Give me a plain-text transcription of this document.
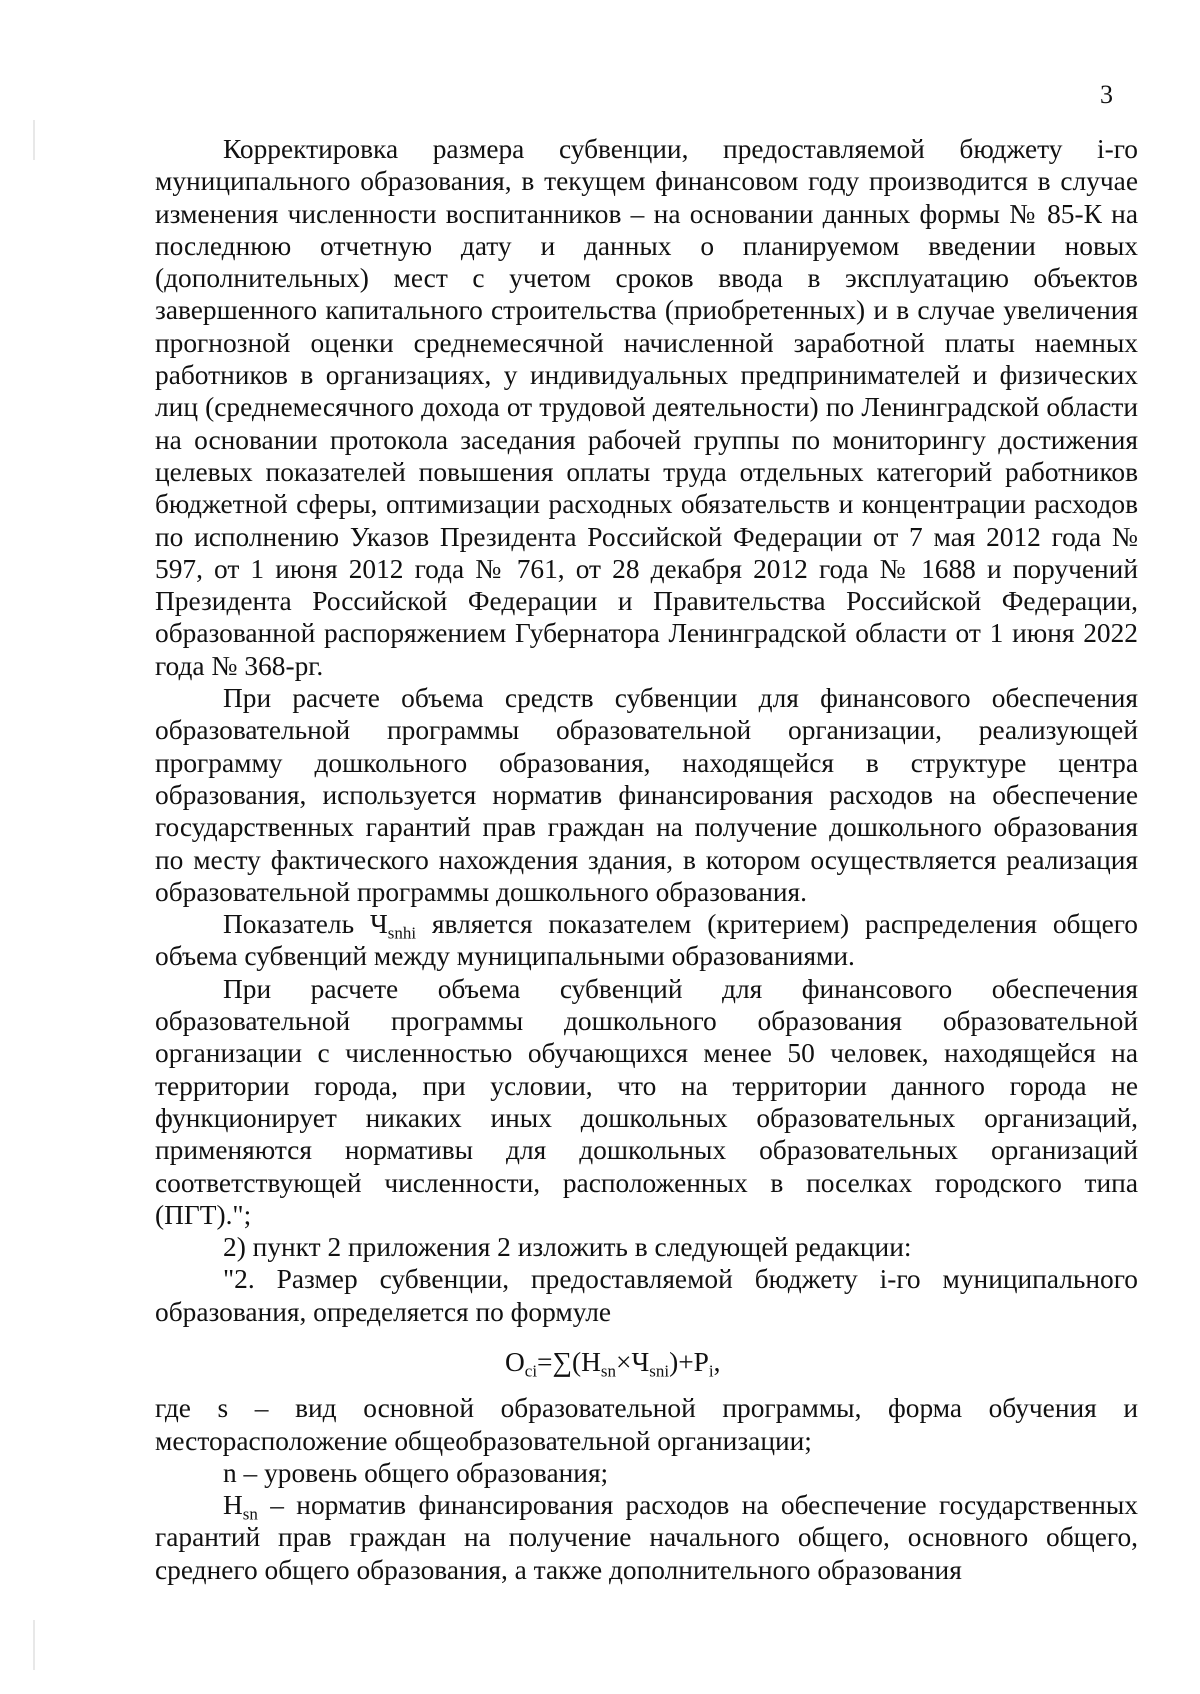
3

Корректировка размера субвенции, предоставляемой бюджету i-го муниципального образования, в текущем финансовом году производится в случае изменения численности воспитанников – на основании данных формы № 85-К на последнюю отчетную дату и данных о планируемом введении новых (дополнительных) мест с учетом сроков ввода в эксплуатацию объектов завершенного капитального строительства (приобретенных) и в случае увеличения прогнозной оценки среднемесячной начисленной заработной платы наемных работников в организациях, у индивидуальных предпринимателей и физических лиц (среднемесячного дохода от трудовой деятельности) по Ленинградской области на основании протокола заседания рабочей группы по мониторингу достижения целевых показателей повышения оплаты труда отдельных категорий работников бюджетной сферы, оптимизации расходных обязательств и концентрации расходов по исполнению Указов Президента Российской Федерации от 7 мая 2012 года № 597, от 1 июня 2012 года № 761, от 28 декабря 2012 года № 1688 и поручений Президента Российской Федерации и Правительства Российской Федерации, образованной распоряжением Губернатора Ленинградской области от 1 июня 2022 года № 368-рг.

При расчете объема средств субвенции для финансового обеспечения образовательной программы образовательной организации, реализующей программу дошкольного образования, находящейся в структуре центра образования, используется норматив финансирования расходов на обеспечение государственных гарантий прав граждан на получение дошкольного образования по месту фактического нахождения здания, в котором осуществляется реализация образовательной программы дошкольного образования.

Показатель $Ч_{snhi}$ является показателем (критерием) распределения общего объема субвенций между муниципальными образованиями.

При расчете объема субвенций для финансового обеспечения образовательной программы дошкольного образования образовательной организации с численностью обучающихся менее 50 человек, находящейся на территории города, при условии, что на территории данного города не функционирует никаких иных дошкольных образовательных организаций, применяются нормативы для дошкольных образовательных организаций соответствующей численности, расположенных в поселках городского типа (ПГТ).";

2) пункт 2 приложения 2 изложить в следующей редакции:

"2. Размер субвенции, предоставляемой бюджету i-го муниципального образования, определяется по формуле

$О_{ci}=\sum(Н_{sn}\times Ч_{sni})+Р_i$,

где s – вид основной образовательной программы, форма обучения и месторасположение общеобразовательной организации;

n – уровень общего образования;

$Н_{sn}$ – норматив финансирования расходов на обеспечение государственных гарантий прав граждан на получение начального общего, основного общего, среднего общего образования, а также дополнительного образования
